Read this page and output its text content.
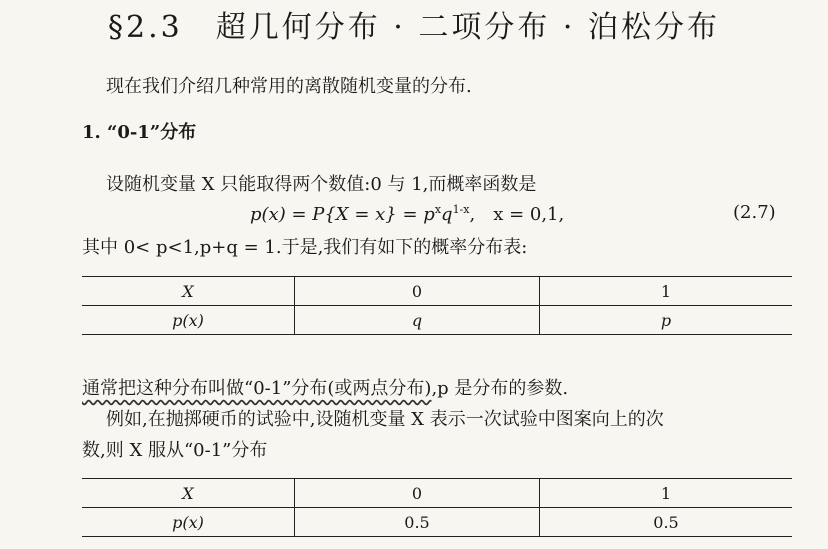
§2.3　超几何分布 · 二项分布 · 泊松分布
现在我们介绍几种常用的离散随机变量的分布.
1. “0-1”分布
设随机变量 X 只能取得两个数值:0 与 1,而概率函数是
$p(x) = P\{X = x\} = p^xq^{1-x}$,　x = 0,1,	(2.7)
其中 0< p<1,p+q = 1.于是,我们有如下的概率分布表:
X	0	1
p(x)	q	p
通常把这种分布叫做“0-1”分布(或两点分布),p 是分布的参数.
例如,在抛掷硬币的试验中,设随机变量 X 表示一次试验中图案向上的次
数,则 X 服从“0-1”分布
X	0	1
p(x)	0.5	0.5
